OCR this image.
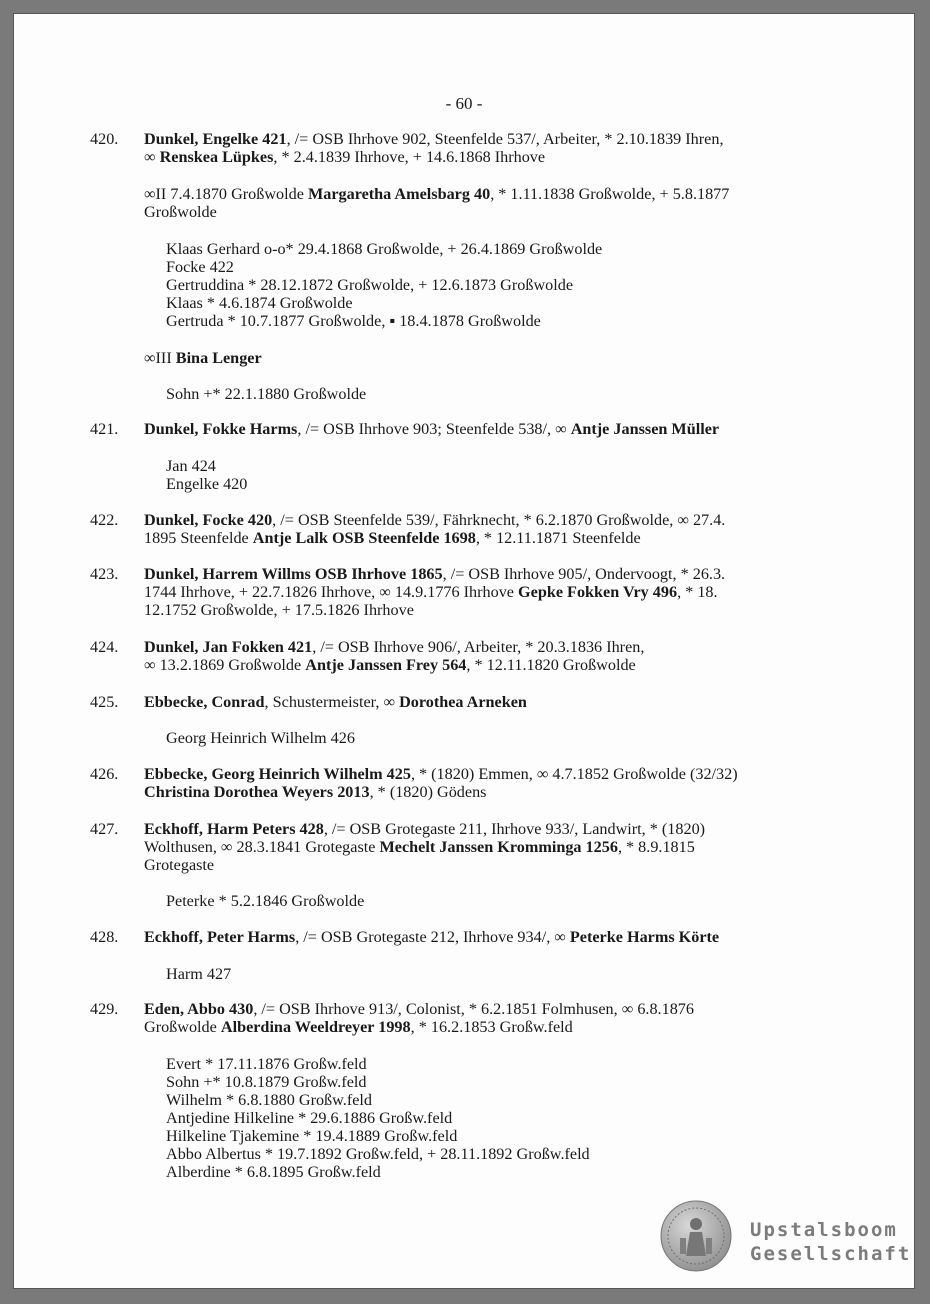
- 60 -
420.	Dunkel, Engelke 421, /= OSB Ihrhove 902, Steenfelde 537/, Arbeiter, * 2.10.1839 Ihren,
∞ Renskea Lüpkes, * 2.4.1839 Ihrhove, + 14.6.1868 Ihrhove
∞II 7.4.1870 Großwolde Margaretha Amelsbarg 40, * 1.11.1838 Großwolde, + 5.8.1877
Großwolde
Klaas Gerhard o-o* 29.4.1868 Großwolde, + 26.4.1869 Großwolde
Focke 422
Gertruddina * 28.12.1872 Großwolde, + 12.6.1873 Großwolde
Klaas * 4.6.1874 Großwolde
Gertruda * 10.7.1877 Großwolde, ▪ 18.4.1878 Großwolde
∞III Bina Lenger
Sohn +* 22.1.1880 Großwolde
421.	Dunkel, Fokke Harms, /= OSB Ihrhove 903; Steenfelde 538/, ∞ Antje Janssen Müller
Jan 424
Engelke 420
422.	Dunkel, Focke 420, /= OSB Steenfelde 539/, Fährknecht, * 6.2.1870 Großwolde, ∞ 27.4.
1895 Steenfelde Antje Lalk OSB Steenfelde 1698, * 12.11.1871 Steenfelde
423.	Dunkel, Harrem Willms OSB Ihrhove 1865, /= OSB Ihrhove 905/, Ondervoogt, * 26.3.
1744 Ihrhove, + 22.7.1826 Ihrhove, ∞ 14.9.1776 Ihrhove Gepke Fokken Vry 496, * 18.
12.1752 Großwolde, + 17.5.1826 Ihrhove
424.	Dunkel, Jan Fokken 421, /= OSB Ihrhove 906/, Arbeiter, * 20.3.1836 Ihren,
∞ 13.2.1869 Großwolde Antje Janssen Frey 564, * 12.11.1820 Großwolde
425.	Ebbecke, Conrad, Schustermeister, ∞ Dorothea Arneken
Georg Heinrich Wilhelm 426
426.	Ebbecke, Georg Heinrich Wilhelm 425, * (1820) Emmen, ∞ 4.7.1852 Großwolde (32/32)
Christina Dorothea Weyers 2013, * (1820) Gödens
427.	Eckhoff, Harm Peters 428, /= OSB Grotegaste 211, Ihrhove 933/, Landwirt, * (1820)
Wolthusen, ∞ 28.3.1841 Grotegaste Mechelt Janssen Kromminga 1256, * 8.9.1815
Grotegaste
Peterke * 5.2.1846 Großwolde
428.	Eckhoff, Peter Harms, /= OSB Grotegaste 212, Ihrhove 934/, ∞ Peterke Harms Körte
Harm 427
429.	Eden, Abbo 430, /= OSB Ihrhove 913/, Colonist, * 6.2.1851 Folmhusen, ∞ 6.8.1876
Großwolde Alberdina Weeldreyer 1998, * 16.2.1853 Großw.feld
Evert * 17.11.1876 Großw.feld
Sohn +* 10.8.1879 Großw.feld
Wilhelm * 6.8.1880 Großw.feld
Antjedine Hilkeline * 29.6.1886 Großw.feld
Hilkeline Tjakemine * 19.4.1889 Großw.feld
Abbo Albertus * 19.7.1892 Großw.feld, + 28.11.1892 Großw.feld
Alberdine * 6.8.1895 Großw.feld
Upstalsboom
Gesellschaft
